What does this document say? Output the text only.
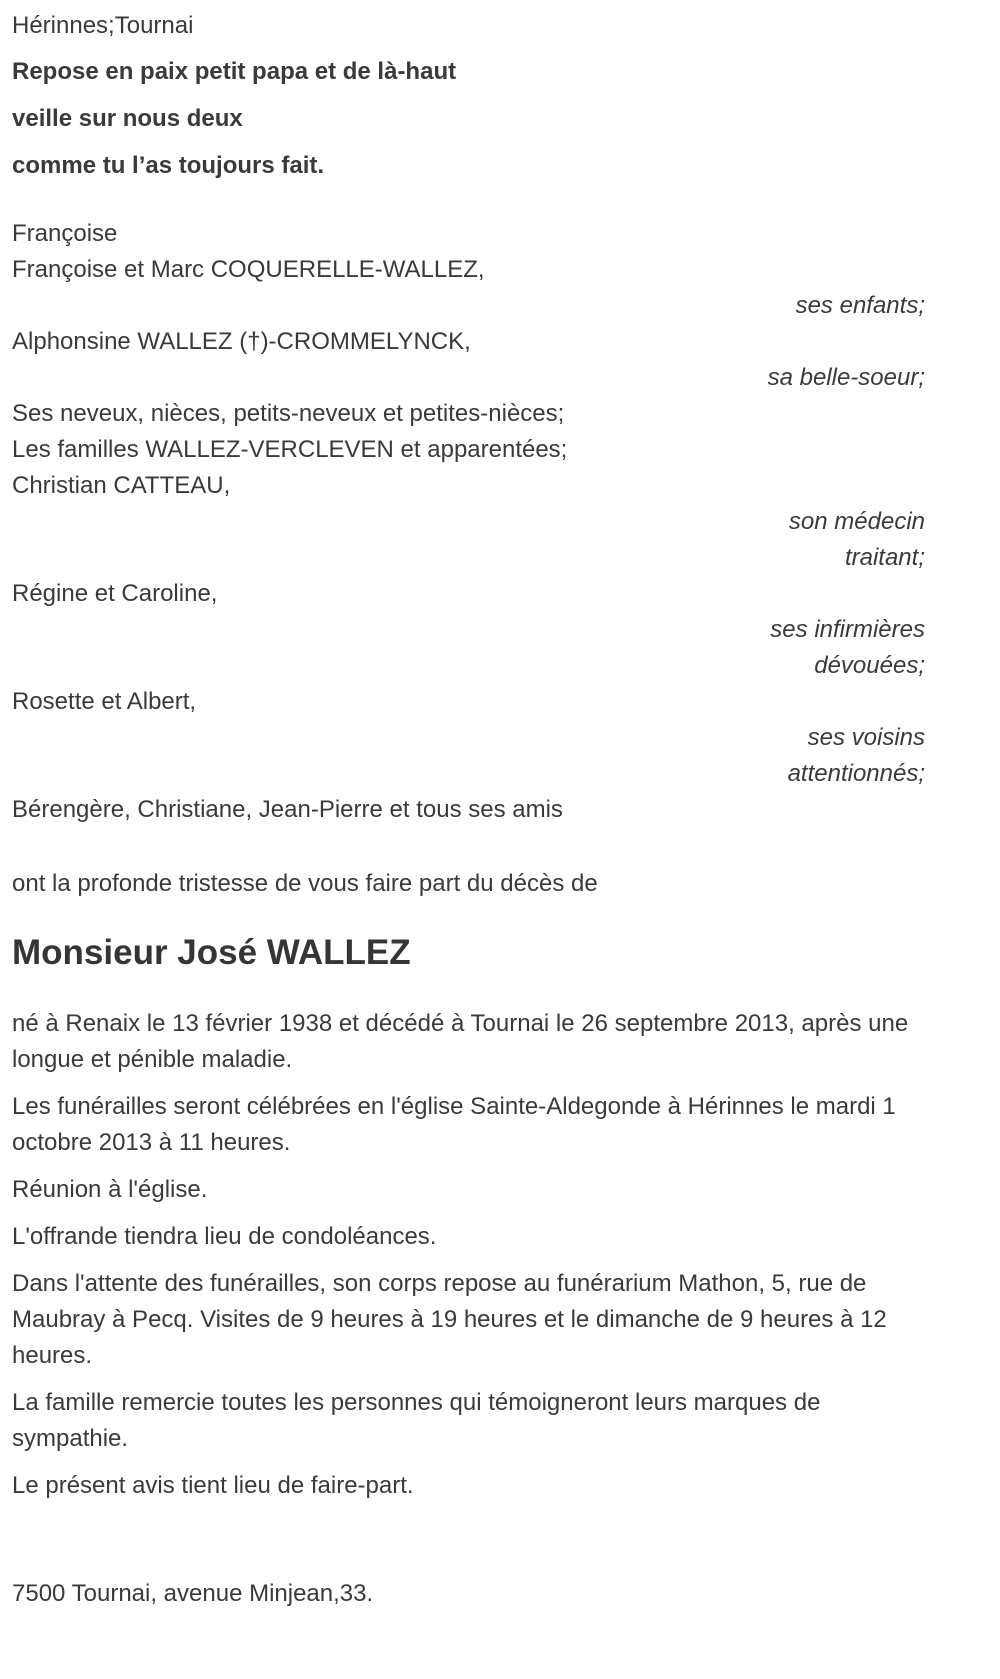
Hérinnes;Tournai

Repose en paix petit papa et de là-haut

veille sur nous deux

comme tu l’as toujours fait.

Françoise

Françoise et Marc COQUERELLE-WALLEZ,

ses enfants;

Alphonsine WALLEZ (†)-CROMMELYNCK,

sa belle-soeur;

Ses neveux, nièces, petits-neveux et petites-nièces;

Les familles WALLEZ-VERCLEVEN et apparentées;

Christian CATTEAU,

son médecin

traitant;

Régine et Caroline,

ses infirmières

dévouées;

Rosette et Albert,

ses voisins

attentionnés;

Bérengère, Christiane, Jean-Pierre et tous ses amis

ont la profonde tristesse de vous faire part du décès de

Monsieur José WALLEZ

né à Renaix le 13 février 1938 et décédé à Tournai le 26 septembre 2013, après une longue et pénible maladie.

Les funérailles seront célébrées en l'église Sainte-Aldegonde à Hérinnes le mardi 1 octobre 2013 à 11 heures.

Réunion à l'église.

L'offrande tiendra lieu de condoléances.

Dans l'attente des funérailles, son corps repose au funérarium Mathon, 5, rue de Maubray à Pecq. Visites de 9 heures à 19 heures et le dimanche de 9 heures à 12 heures.

La famille remercie toutes les personnes qui témoigneront leurs marques de sympathie.

Le présent avis tient lieu de faire-part.

7500 Tournai, avenue Minjean,33.
